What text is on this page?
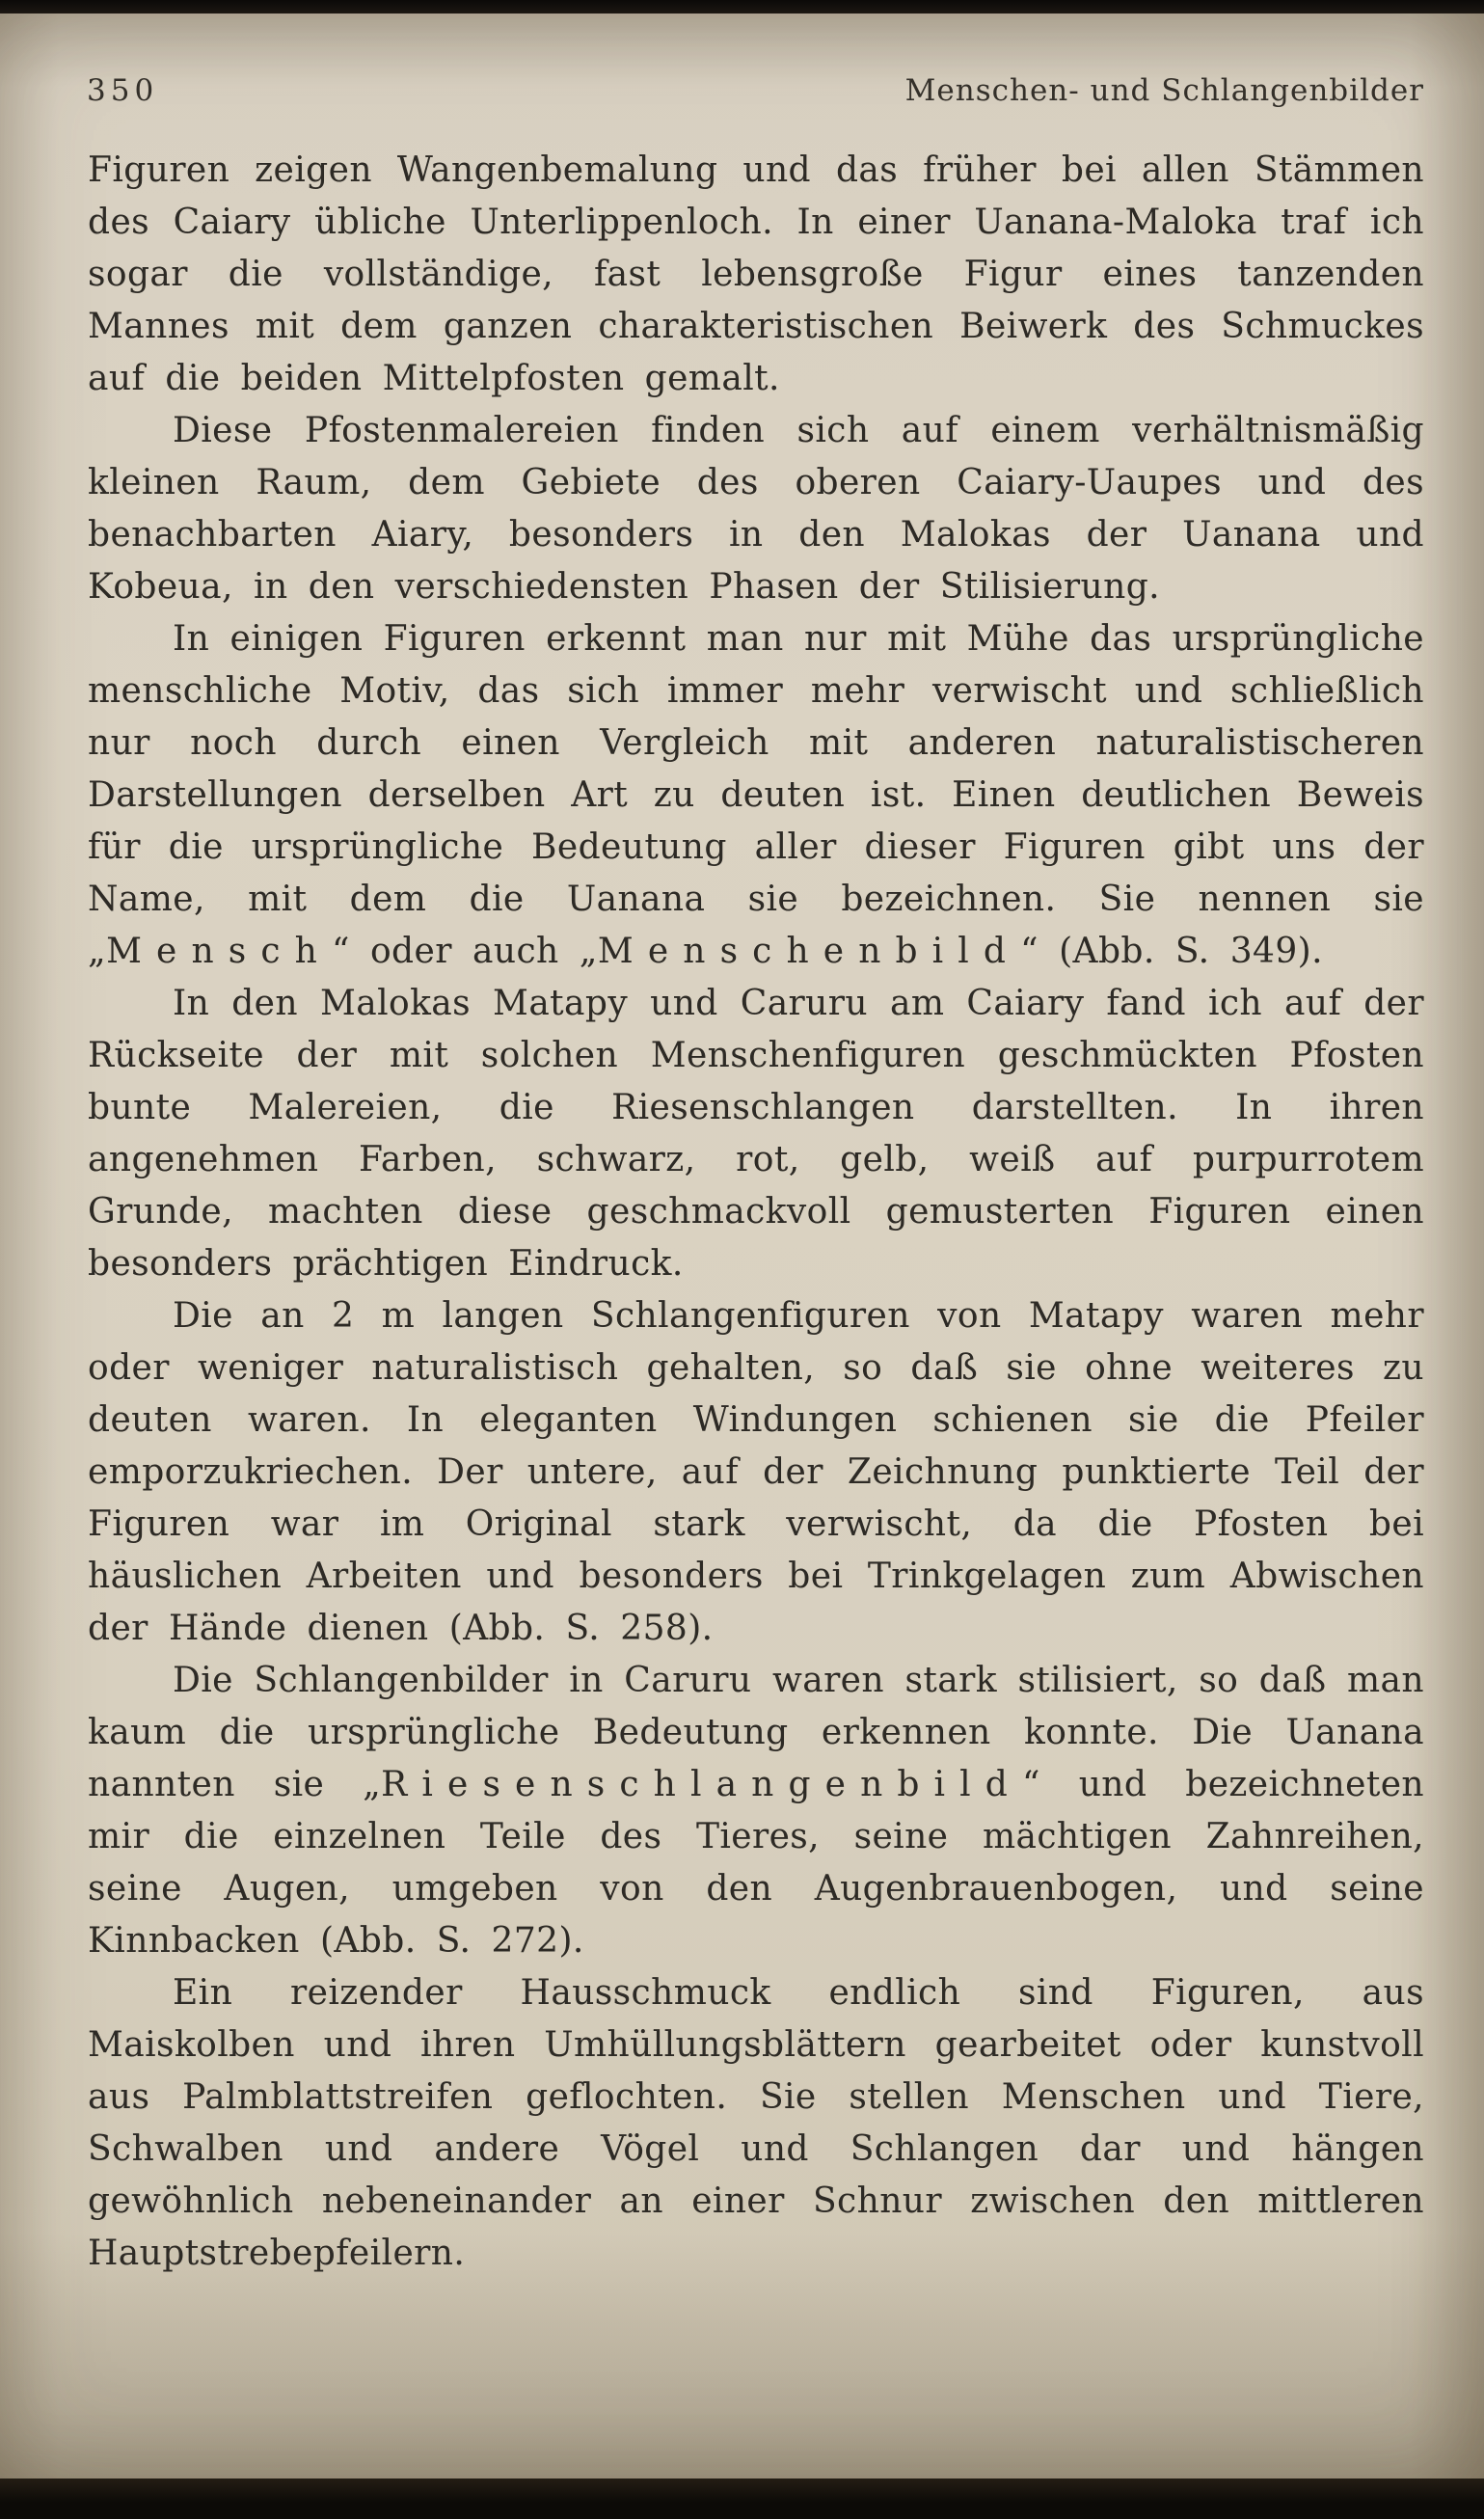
350	Menschen- und Schlangenbilder

Figuren zeigen Wangenbemalung und das früher bei allen Stämmen des Caiary übliche Unterlippenloch. In einer Uanana-Maloka traf ich sogar die vollständige, fast lebensgroße Figur eines tanzenden Mannes mit dem ganzen charakteristischen Beiwerk des Schmuckes auf die beiden Mittelpfosten gemalt.

Diese Pfostenmalereien finden sich auf einem verhältnismäßig kleinen Raum, dem Gebiete des oberen Caiary-Uaupes und des benachbarten Aiary, besonders in den Malokas der Uanana und Kobeua, in den verschiedensten Phasen der Stilisierung.

In einigen Figuren erkennt man nur mit Mühe das ursprüngliche menschliche Motiv, das sich immer mehr verwischt und schließlich nur noch durch einen Vergleich mit anderen naturalistischeren Darstellungen derselben Art zu deuten ist. Einen deutlichen Beweis für die ursprüngliche Bedeutung aller dieser Figuren gibt uns der Name, mit dem die Uanana sie bezeichnen. Sie nennen sie „Mensch“ oder auch „Menschenbild“ (Abb. S. 349).

In den Malokas Matapy und Caruru am Caiary fand ich auf der Rückseite der mit solchen Menschenfiguren geschmückten Pfosten bunte Malereien, die Riesenschlangen darstellten. In ihren angenehmen Farben, schwarz, rot, gelb, weiß auf purpurrotem Grunde, machten diese geschmackvoll gemusterten Figuren einen besonders prächtigen Eindruck.

Die an 2 m langen Schlangenfiguren von Matapy waren mehr oder weniger naturalistisch gehalten, so daß sie ohne weiteres zu deuten waren. In eleganten Windungen schienen sie die Pfeiler emporzukriechen. Der untere, auf der Zeichnung punktierte Teil der Figuren war im Original stark verwischt, da die Pfosten bei häuslichen Arbeiten und besonders bei Trinkgelagen zum Abwischen der Hände dienen (Abb. S. 258).

Die Schlangenbilder in Caruru waren stark stilisiert, so daß man kaum die ursprüngliche Bedeutung erkennen konnte. Die Uanana nannten sie „Riesenschlangenbild“ und bezeichneten mir die einzelnen Teile des Tieres, seine mächtigen Zahnreihen, seine Augen, umgeben von den Augenbrauenbogen, und seine Kinnbacken (Abb. S. 272).

Ein reizender Hausschmuck endlich sind Figuren, aus Maiskolben und ihren Umhüllungsblättern gearbeitet oder kunstvoll aus Palmblattstreifen geflochten. Sie stellen Menschen und Tiere, Schwalben und andere Vögel und Schlangen dar und hängen gewöhnlich nebeneinander an einer Schnur zwischen den mittleren Hauptstrebepfeilern.
